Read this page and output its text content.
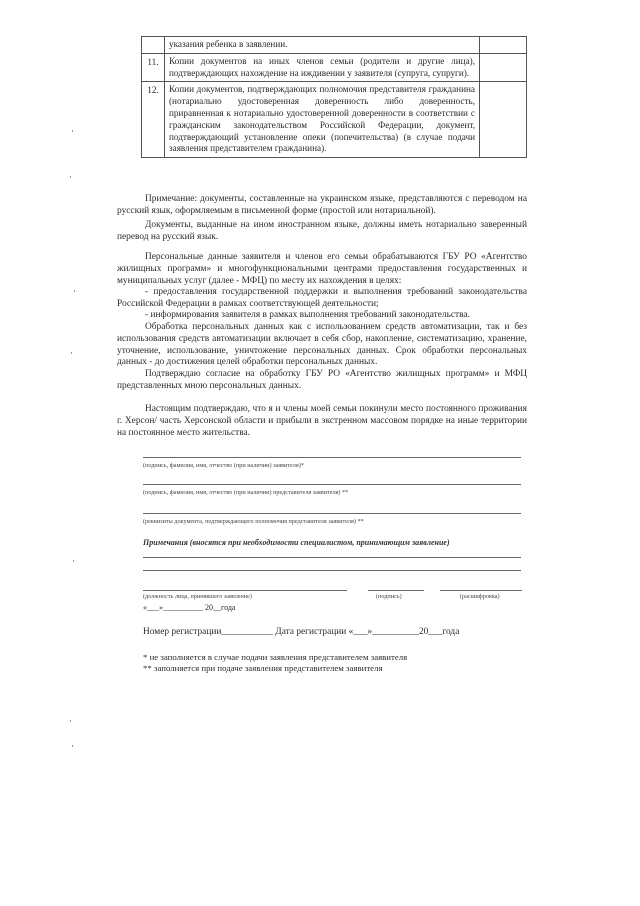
	указания ребенка в заявлении.	
11.	Копии документов на иных членов семьи (родители и другие лица), подтверждающих нахождение на иждивении у заявителя (супруга, супруги).	
12.	Копии документов, подтверждающих полномочия представителя гражданина (нотариально удостоверенная доверенность либо доверенность, приравненная к нотариально удостоверенной доверенности в соответствии с гражданским законодательством Российской Федерации, документ, подтверждающий установление опеки (попечительства) (в случае подачи заявления представителем гражданина).	

Примечание: документы, составленные на украинском языке, представляются с переводом на русский язык, оформляемым в письменной форме (простой или нотариальной).

Документы, выданные на ином иностранном языке, должны иметь нотариально заверенный перевод на русский язык.

Персональные данные заявителя и членов его семьи обрабатываются ГБУ РО «Агентство жилищных программ» и многофункциональными центрами предоставления государственных и муниципальных услуг (далее - МФЦ) по месту их нахождения в целях:

- предоставления государственной поддержки и выполнения требований законодательства Российской Федерации в рамках соответствующей деятельности;

- информирования заявителя в рамках выполнения требований законодательства.

Обработка персональных данных как с использованием средств автоматизации, так и без использования средств автоматизации включает в себя сбор, накопление, систематизацию, хранение, уточнение, использование, уничтожение персональных данных. Срок обработки персональных данных - до достижения целей обработки персональных данных.

Подтверждаю согласие на обработку ГБУ РО «Агентство жилищных программ» и МФЦ представленных мною персональных данных.

Настоящим подтверждаю, что я и члены моей семьи покинули место постоянного проживания г. Херсон/ часть Херсонской области и прибыли в экстренном массовом порядке на иные территории на постоянное место жительства.

(подпись, фамилия, имя, отчество (при наличии) заявителя)*
(подпись, фамилия, имя, отчество (при наличии) представителя заявителя) **
(реквизиты документа, подтверждающего полномочия представителя заявителя) **
Примечания (вносятся при необходимости специалистом, принимающим заявление)
(должность лица, принявшего заявление)	(подпись)	(расшифровка)
«___»__________ 20__года
Номер регистрации___________ Дата регистрации «___»__________20___года
* не заполняется в случае подачи заявления представителем заявителя
** заполняется при подаче заявления представителем заявителя
